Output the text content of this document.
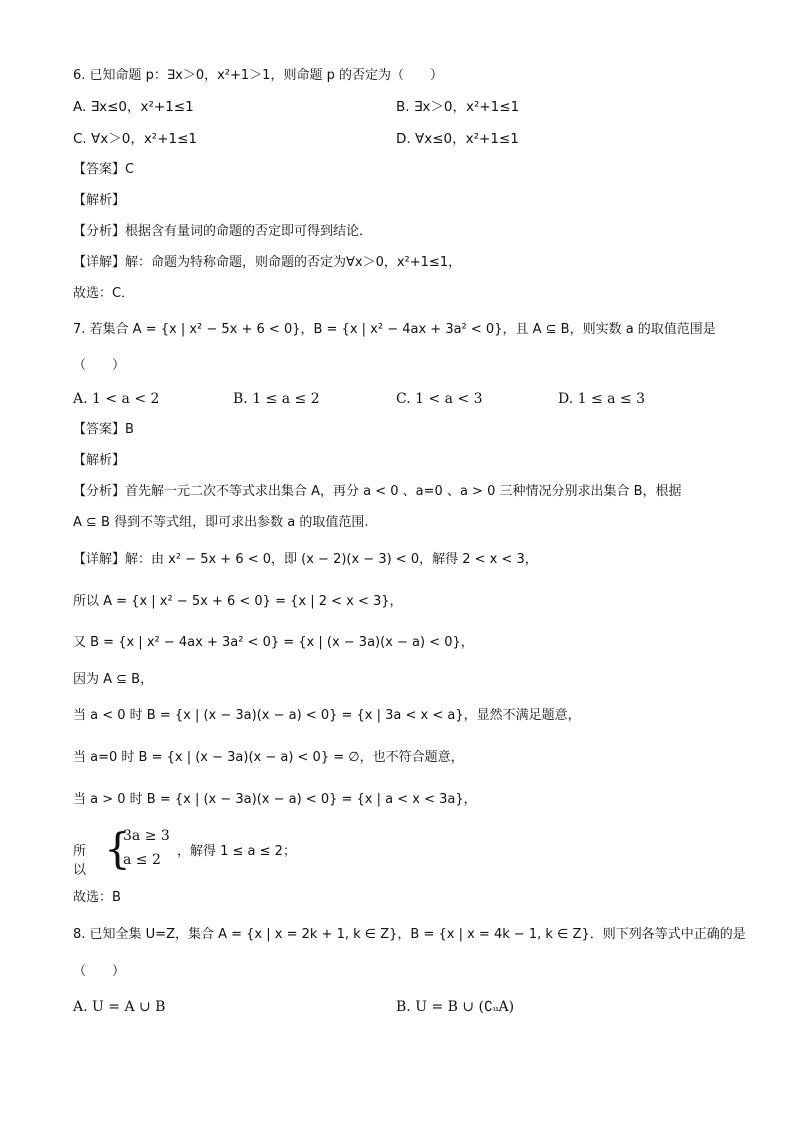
6. 已知命题 p：∃x＞0，x²+1＞1，则命题 p 的否定为（　　）
A. ∃x≤0，x²+1≤1	B. ∃x＞0，x²+1≤1
C. ∀x＞0，x²+1≤1	D. ∀x≤0，x²+1≤1
【答案】C
【解析】
【分析】根据含有量词的命题的否定即可得到结论．
【详解】解：命题为特称命题，则命题的否定为∀x＞0，x²+1≤1，
故选：C．
7. 若集合 A = {x | x² − 5x + 6 < 0}，B = {x | x² − 4ax + 3a² < 0}，且 A ⊆ B，则实数 a 的取值范围是
（　　）
A. 1 < a < 2	B. 1 ≤ a ≤ 2	C. 1 < a < 3	D. 1 ≤ a ≤ 3
【答案】B
【解析】
【分析】首先解一元二次不等式求出集合 A，再分 a < 0 、a=0 、a > 0 三种情况分别求出集合 B，根据
A ⊆ B 得到不等式组，即可求出参数 a 的取值范围.
【详解】解：由 x² − 5x + 6 < 0，即 (x − 2)(x − 3) < 0，解得 2 < x < 3，
所以 A = {x | x² − 5x + 6 < 0} = {x | 2 < x < 3}，
又 B = {x | x² − 4ax + 3a² < 0} = {x | (x − 3a)(x − a) < 0}，
因为 A ⊆ B，
当 a < 0 时 B = {x | (x − 3a)(x − a) < 0} = {x | 3a < x < a}，显然不满足题意，
当 a=0 时 B = {x | (x − 3a)(x − a) < 0} = ∅，也不符合题意，
当 a > 0 时 B = {x | (x − 3a)(x − a) < 0} = {x | a < x < 3a}，
所以 {
3a ≥ 3
a ≤ 2
，解得 1 ≤ a ≤ 2；
故选：B
8. 已知全集 U=Z，集合 A = {x | x = 2k + 1, k ∈ Z}，B = {x | x = 4k − 1, k ∈ Z}．则下列各等式中正确的是
（　　）
A. U = A ∪ B	B. U = B ∪ (∁ᵤA)
